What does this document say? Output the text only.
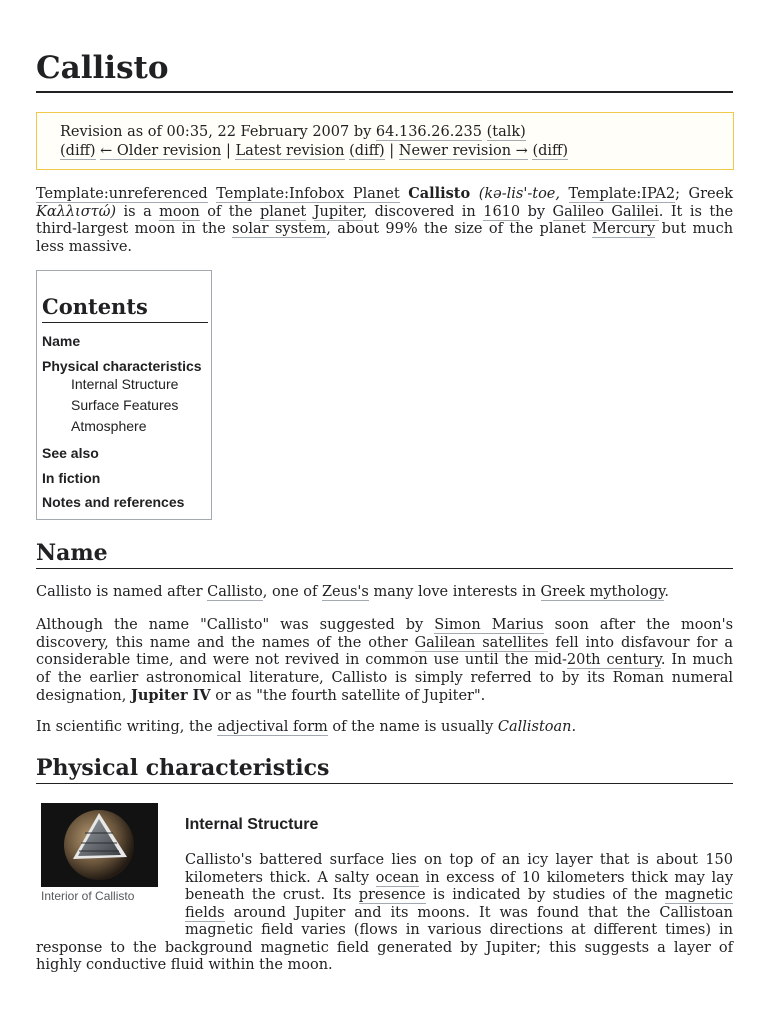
Callisto
Revision as of 00:35, 22 February 2007 by 64.136.26.235 (talk)
(diff) ← Older revision | Latest revision (diff) | Newer revision → (diff)

Template:unreferenced Template:Infobox Planet Callisto (kə-lis'-toe, Template:IPA2; Greek Καλλιστώ) is a moon of the planet Jupiter, discovered in 1610 by Galileo Galilei. It is the third-largest moon in the solar system, about 99% the size of the planet Mercury but much less massive.

Contents
Name
Physical characteristics
Internal Structure
Surface Features
Atmosphere
See also
In fiction
Notes and references
Name

Callisto is named after Callisto, one of Zeus's many love interests in Greek mythology.

Although the name "Callisto" was suggested by Simon Marius soon after the moon's discovery, this name and the names of the other Galilean satellites fell into disfavour for a considerable time, and were not revived in common use until the mid-20th century. In much of the earlier astronomical literature, Callisto is simply referred to by its Roman numeral designation, Jupiter IV or as "the fourth satellite of Jupiter".

In scientific writing, the adjectival form of the name is usually Callistoan.

Physical characteristics
Interior of Callisto
Internal Structure

Callisto's battered surface lies on top of an icy layer that is about 150 kilometers thick. A salty ocean in excess of 10 kilometers thick may lay beneath the crust. Its presence is indicated by studies of the magnetic fields around Jupiter and its moons. It was found that the Callistoan magnetic field varies (flows in various directions at different times) in response to the background magnetic field generated by Jupiter; this suggests a layer of highly conductive fluid within the moon.
